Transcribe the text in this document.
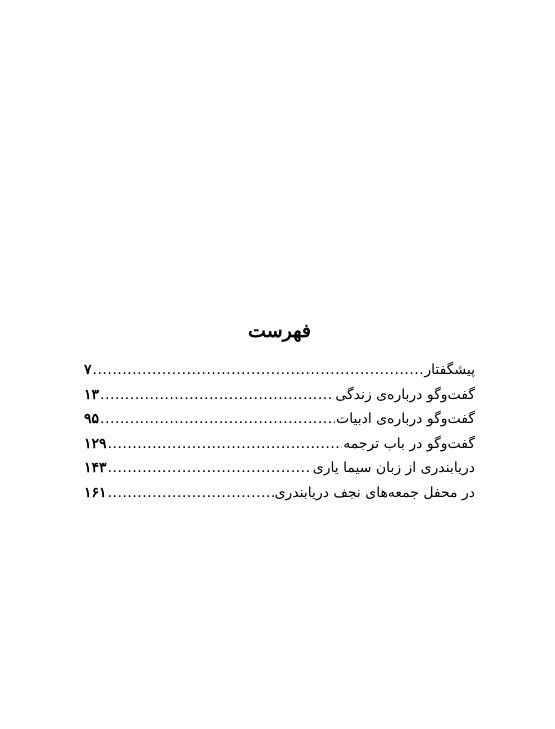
فهرست
پیشگفتار
.....
۷
گفت‌وگو درباره‌ی زندگی
.....
۱۳
گفت‌وگو درباره‌ی ادبیات
.....
۹۵
گفت‌وگو در باب ترجمه
.....
۱۲۹
دریابندری از زبان سیما یاری
.....
۱۴۳
در محفل جمعه‌های نجف دریابندری
.....
۱۶۱
